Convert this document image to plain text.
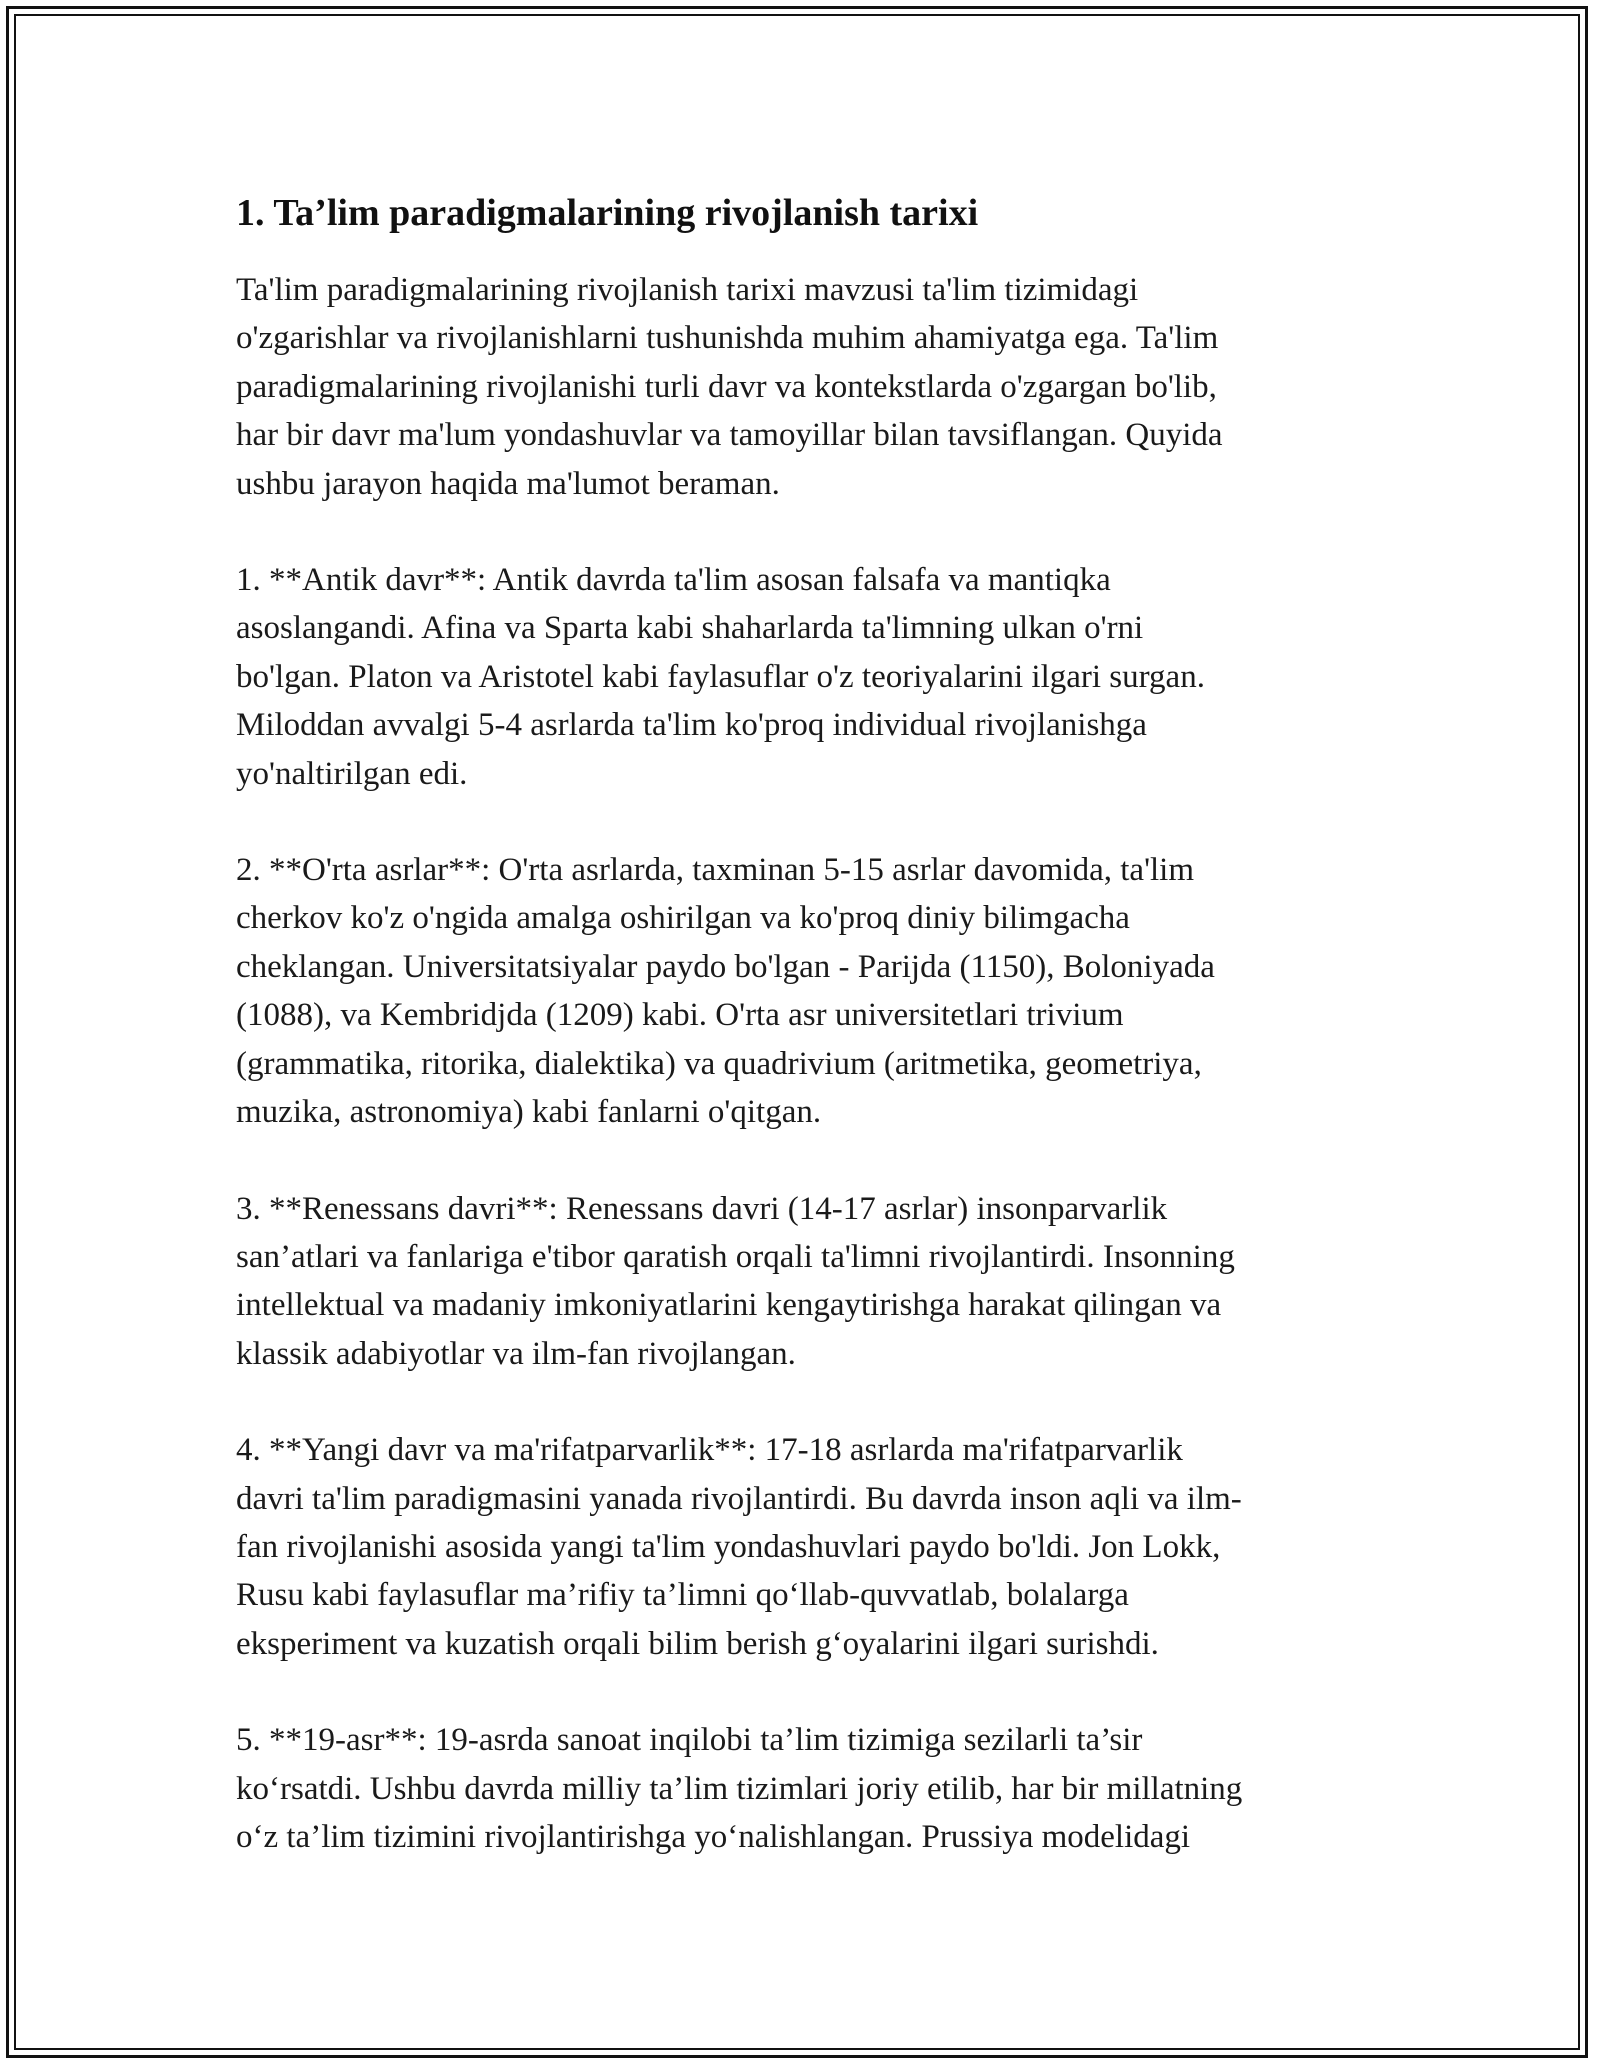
1. Ta’lim paradigmalarining rivojlanish tarixi

Ta'lim paradigmalarining rivojlanish tarixi mavzusi ta'lim tizimidagi
o'zgarishlar va rivojlanishlarni tushunishda muhim ahamiyatga ega. Ta'lim
paradigmalarining rivojlanishi turli davr va kontekstlarda o'zgargan bo'lib,
har bir davr ma'lum yondashuvlar va tamoyillar bilan tavsiflangan. Quyida
ushbu jarayon haqida ma'lumot beraman.

1. **Antik davr**: Antik davrda ta'lim asosan falsafa va mantiqka
asoslangandi. Afina va Sparta kabi shaharlarda ta'limning ulkan o'rni
bo'lgan. Platon va Aristotel kabi faylasuflar o'z teoriyalarini ilgari surgan.
Miloddan avvalgi 5-4 asrlarda ta'lim ko'proq individual rivojlanishga
yo'naltirilgan edi.

2. **O'rta asrlar**: O'rta asrlarda, taxminan 5-15 asrlar davomida, ta'lim
cherkov ko'z o'ngida amalga oshirilgan va ko'proq diniy bilimgacha
cheklangan. Universitatsiyalar paydo bo'lgan - Parijda (1150), Boloniyada
(1088), va Kembridjda (1209) kabi. O'rta asr universitetlari trivium
(grammatika, ritorika, dialektika) va quadrivium (aritmetika, geometriya,
muzika, astronomiya) kabi fanlarni o'qitgan.

3. **Renessans davri**: Renessans davri (14-17 asrlar) insonparvarlik
san’atlari va fanlariga e'tibor qaratish orqali ta'limni rivojlantirdi. Insonning
intellektual va madaniy imkoniyatlarini kengaytirishga harakat qilingan va
klassik adabiyotlar va ilm-fan rivojlangan.

4. **Yangi davr va ma'rifatparvarlik**: 17-18 asrlarda ma'rifatparvarlik
davri ta'lim paradigmasini yanada rivojlantirdi. Bu davrda inson aqli va ilm-
fan rivojlanishi asosida yangi ta'lim yondashuvlari paydo bo'ldi. Jon Lokk,
Rusu kabi faylasuflar ma’rifiy ta’limni qo‘llab-quvvatlab, bolalarga
eksperiment va kuzatish orqali bilim berish g‘oyalarini ilgari surishdi.

5. **19-asr**: 19-asrda sanoat inqilobi ta’lim tizimiga sezilarli ta’sir
ko‘rsatdi. Ushbu davrda milliy ta’lim tizimlari joriy etilib, har bir millatning
o‘z ta’lim tizimini rivojlantirishga yo‘nalishlangan. Prussiya modelidagi
